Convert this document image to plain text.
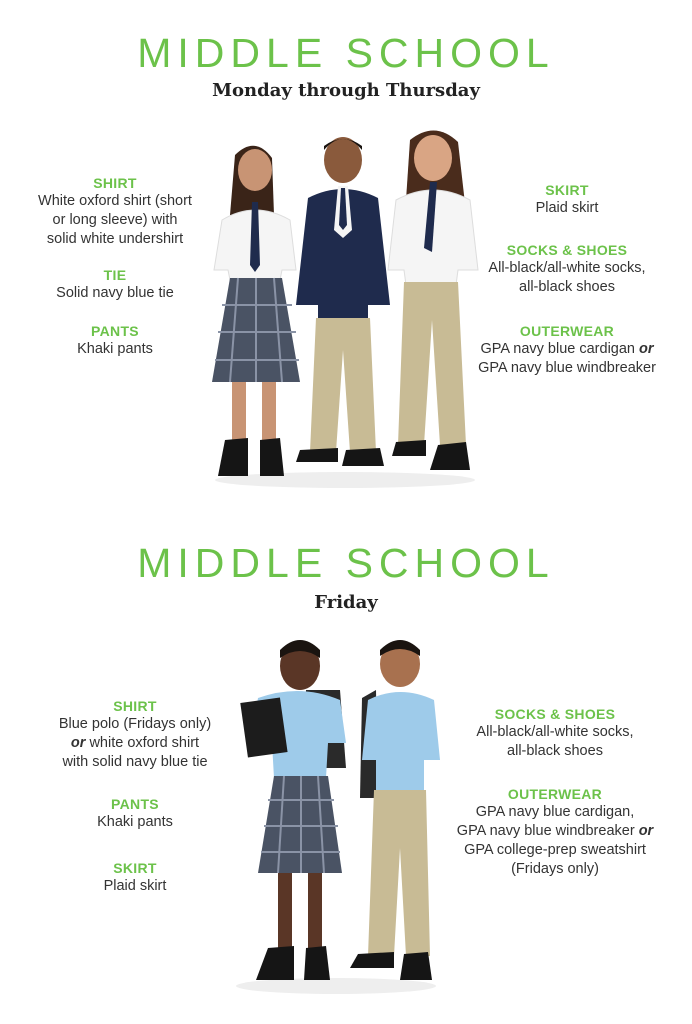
MIDDLE SCHOOL
Monday through Thursday
SHIRT
White oxford shirt (short
or long sleeve) with
solid white undershirt
TIE
Solid navy blue tie
PANTS
Khaki pants
SKIRT
Plaid skirt
SOCKS & SHOES
All-black/all-white socks,
all-black shoes
OUTERWEAR
GPA navy blue cardigan or
GPA navy blue windbreaker
MIDDLE SCHOOL
Friday
SHIRT
Blue polo (Fridays only)
or white oxford shirt
with solid navy blue tie
PANTS
Khaki pants
SKIRT
Plaid skirt
SOCKS & SHOES
All-black/all-white socks,
all-black shoes
OUTERWEAR
GPA navy blue cardigan,
GPA navy blue windbreaker or
GPA college-prep sweatshirt
(Fridays only)
